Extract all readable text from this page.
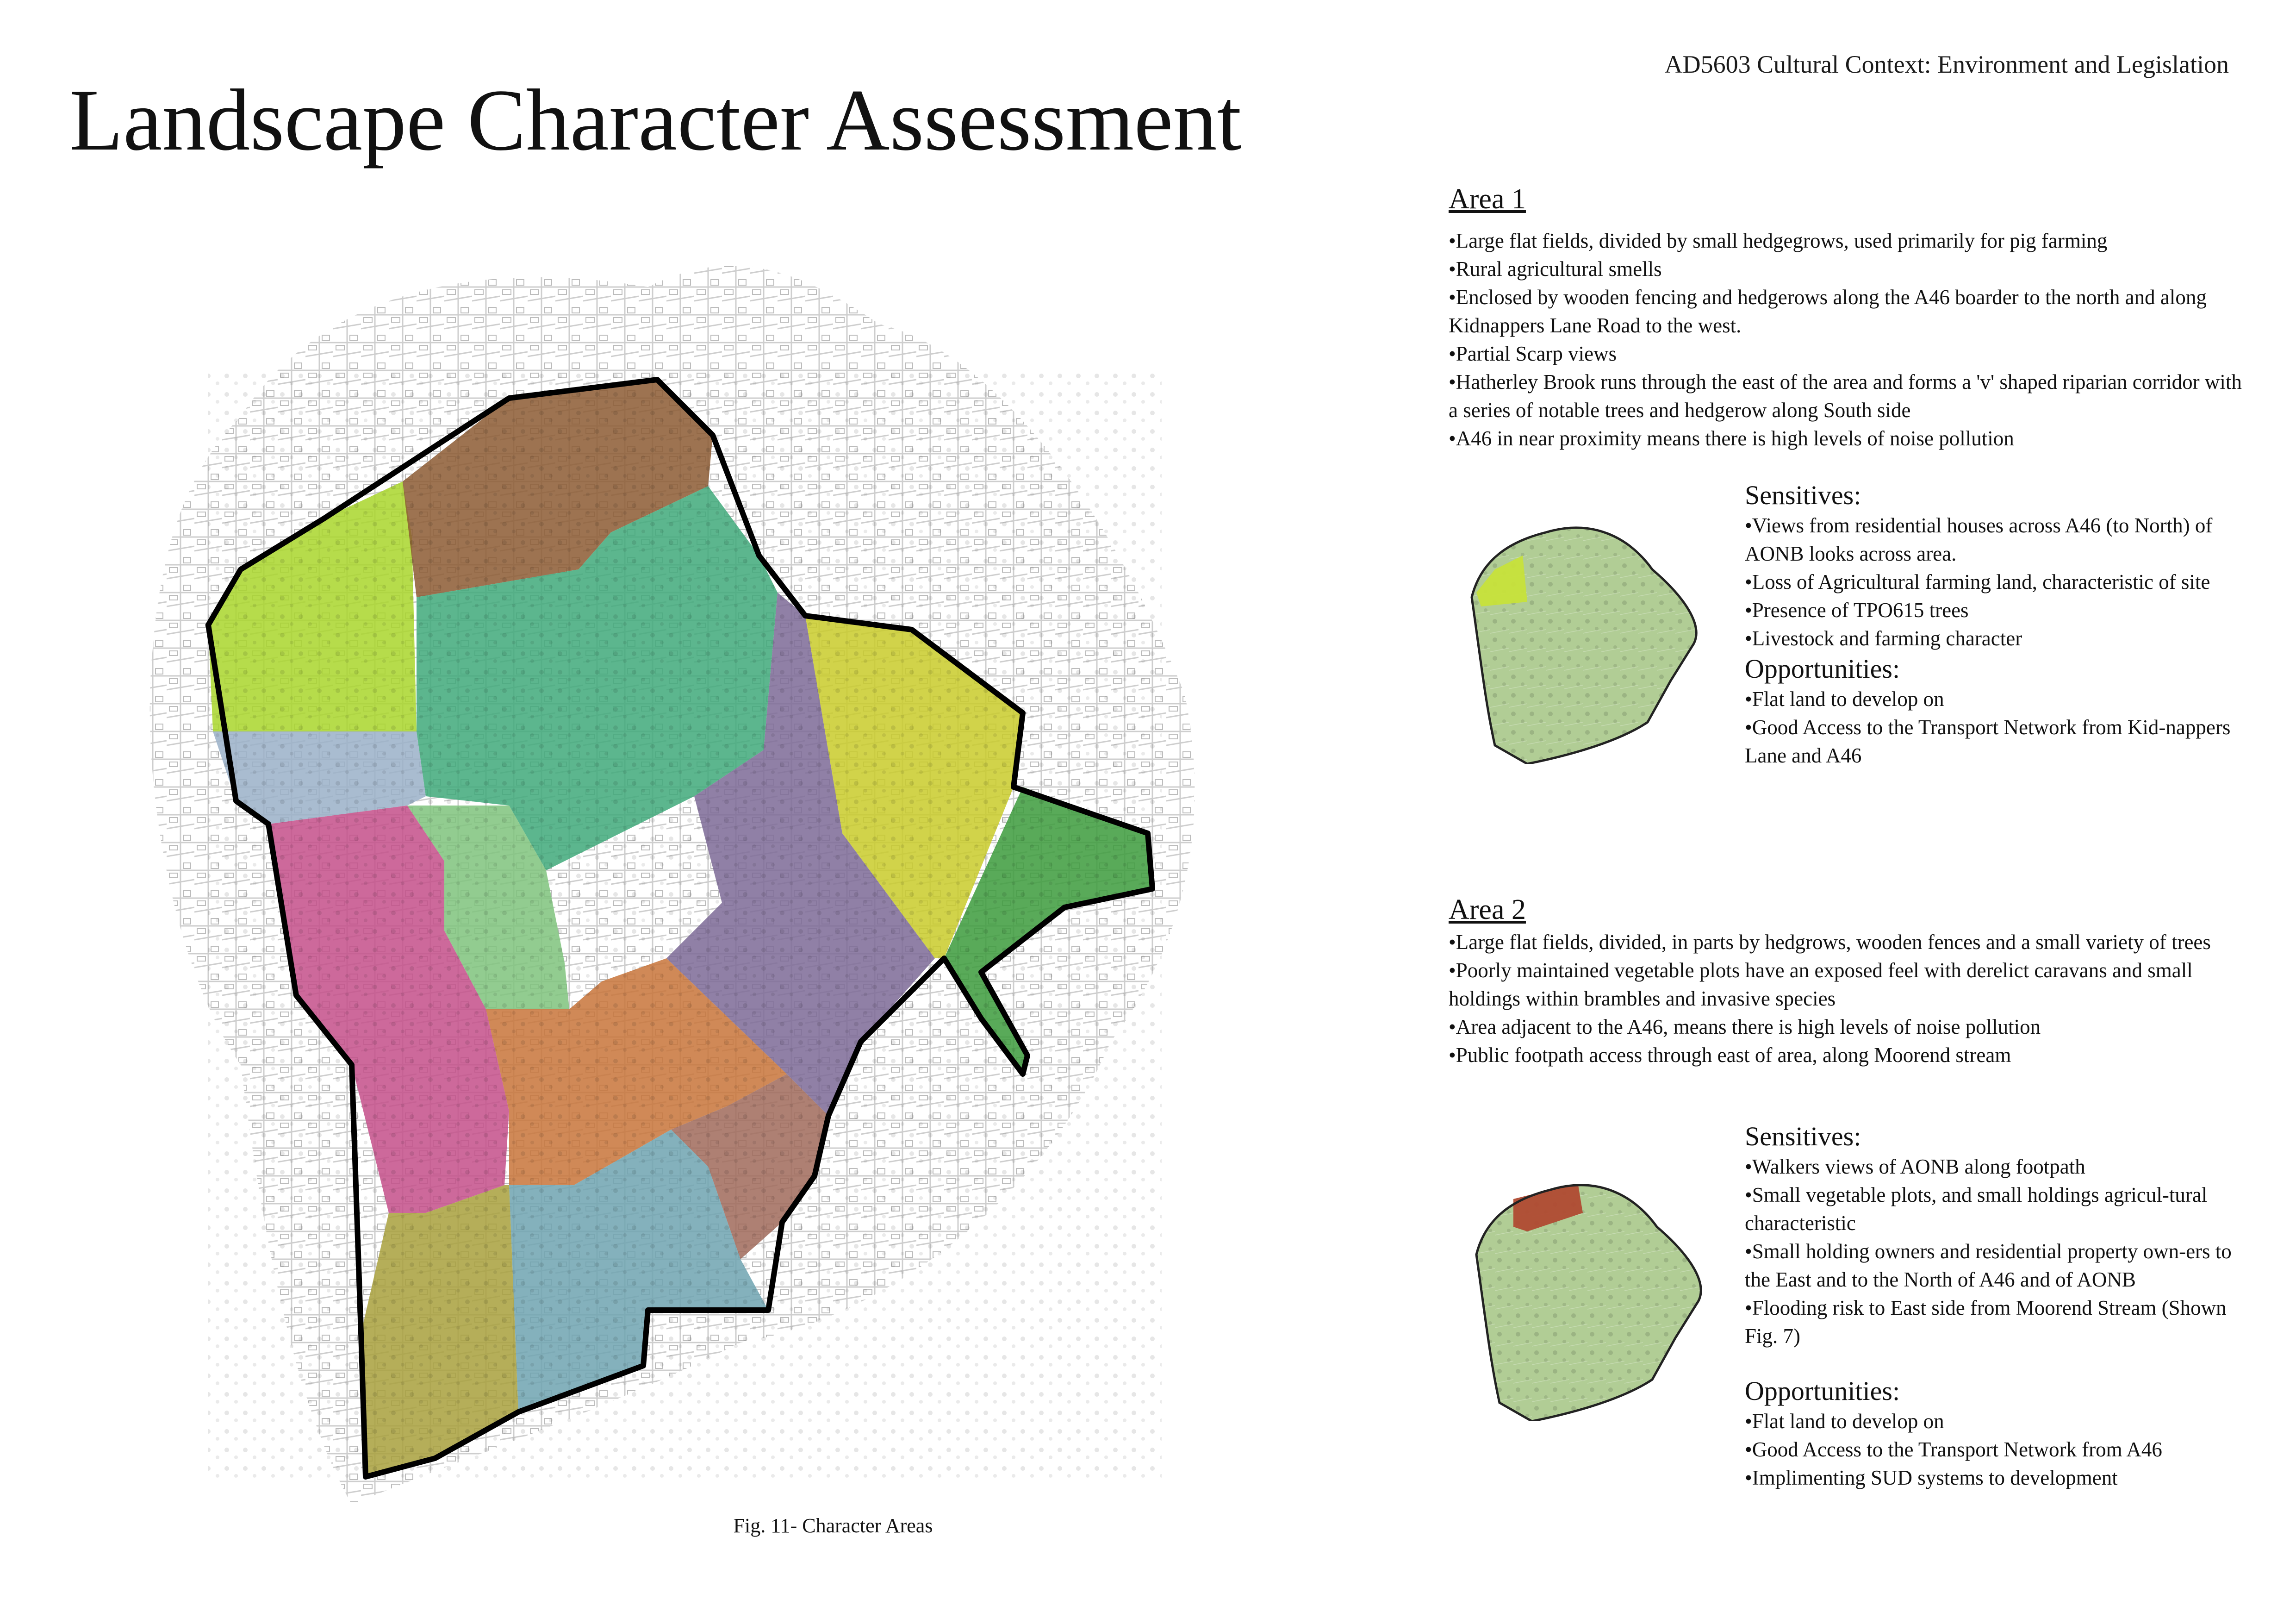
AD5603 Cultural Context: Environment and Legislation
Landscape Character Assessment
Fig. 11- Character Areas
Area 1
•Large flat fields, divided by small hedgegrows, used primarily for pig farming
•Rural agricultural smells
•Enclosed by wooden fencing and hedgerows along the A46 boarder to the north and along Kidnappers Lane Road to the west.
•Partial Scarp views
•Hatherley Brook runs through the east of the area and forms a 'v' shaped riparian corridor with a series of notable trees and hedgerow along South side
•A46 in near proximity means there is high levels of noise pollution
Sensitives:
•Views from residential houses across A46 (to North) of AONB looks across area.
•Loss of Agricultural farming land, characteristic of site
•Presence of TPO615 trees
•Livestock and farming character
Opportunities:
•Flat land to develop on
•Good Access to the Transport Network from Kid-nappers Lane and A46
Area 2
•Large flat fields, divided, in parts by hedgrows, wooden fences and a small variety of trees
•Poorly maintained vegetable plots have an exposed feel with derelict caravans and small holdings within brambles and invasive species
•Area adjacent to the A46, means there is high levels of noise pollution
•Public footpath access through east of area, along Moorend stream
Sensitives:
•Walkers views of AONB along footpath
•Small vegetable plots, and small holdings agricul-tural characteristic
•Small holding owners and residential property own-ers to the East and to the North of A46 and of AONB
•Flooding risk to East side from Moorend Stream (Shown Fig. 7)
Opportunities:
•Flat land to develop on
•Good Access to the Transport Network from A46
•Implimenting SUD systems to development
